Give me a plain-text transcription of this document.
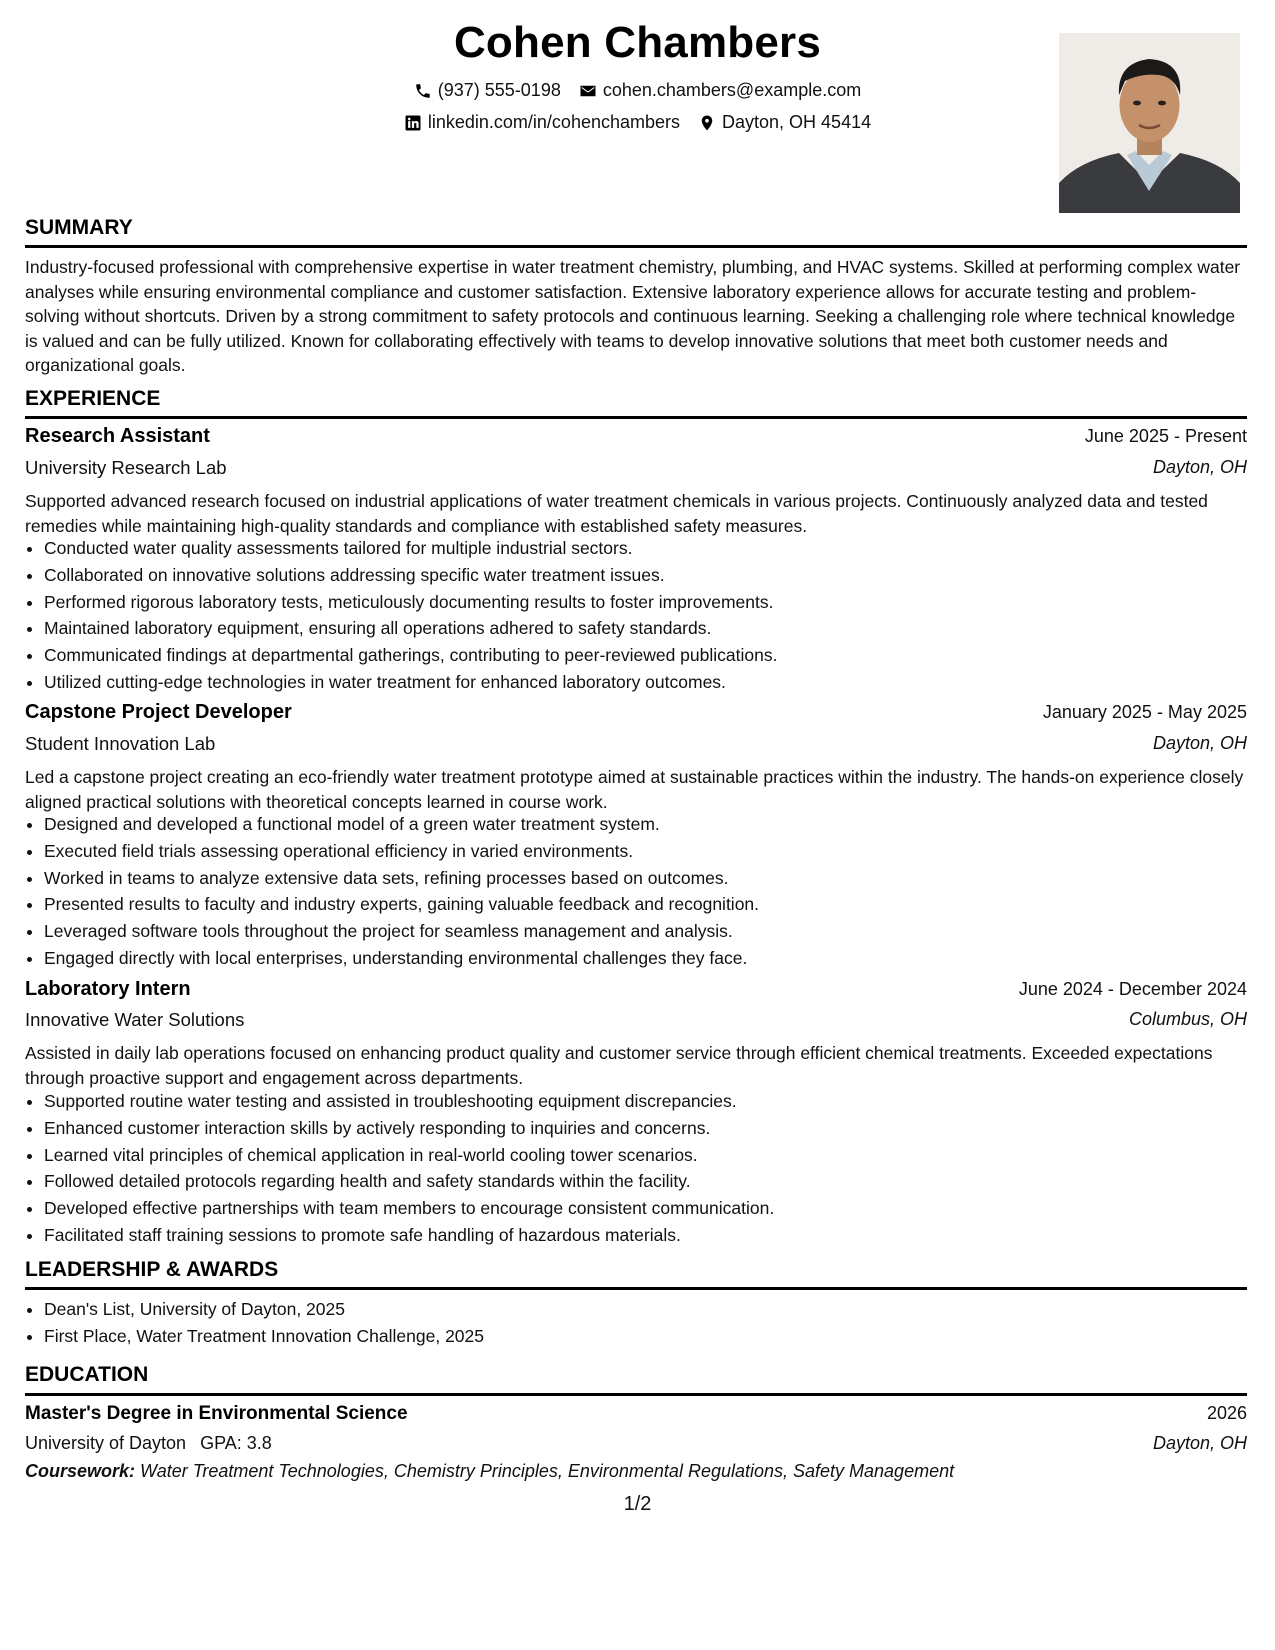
Cohen Chambers
(937) 555-0198 cohen.chambers@example.com
linkedin.com/in/cohenchambers Dayton, OH 45414
SUMMARY
Industry-focused professional with comprehensive expertise in water treatment chemistry, plumbing, and HVAC systems. Skilled at performing complex water analyses while ensuring environmental compliance and customer satisfaction. Extensive laboratory experience allows for accurate testing and problem-solving without shortcuts. Driven by a strong commitment to safety protocols and continuous learning. Seeking a challenging role where technical knowledge is valued and can be fully utilized. Known for collaborating effectively with teams to develop innovative solutions that meet both customer needs and organizational goals.
EXPERIENCE
Research Assistant	June 2025 - Present
University Research Lab	Dayton, OH
Supported advanced research focused on industrial applications of water treatment chemicals in various projects. Continuously analyzed data and tested remedies while maintaining high-quality standards and compliance with established safety measures.
• Conducted water quality assessments tailored for multiple industrial sectors.
• Collaborated on innovative solutions addressing specific water treatment issues.
• Performed rigorous laboratory tests, meticulously documenting results to foster improvements.
• Maintained laboratory equipment, ensuring all operations adhered to safety standards.
• Communicated findings at departmental gatherings, contributing to peer-reviewed publications.
• Utilized cutting-edge technologies in water treatment for enhanced laboratory outcomes.
Capstone Project Developer	January 2025 - May 2025
Student Innovation Lab	Dayton, OH
Led a capstone project creating an eco-friendly water treatment prototype aimed at sustainable practices within the industry. The hands-on experience closely aligned practical solutions with theoretical concepts learned in course work.
• Designed and developed a functional model of a green water treatment system.
• Executed field trials assessing operational efficiency in varied environments.
• Worked in teams to analyze extensive data sets, refining processes based on outcomes.
• Presented results to faculty and industry experts, gaining valuable feedback and recognition.
• Leveraged software tools throughout the project for seamless management and analysis.
• Engaged directly with local enterprises, understanding environmental challenges they face.
Laboratory Intern	June 2024 - December 2024
Innovative Water Solutions	Columbus, OH
Assisted in daily lab operations focused on enhancing product quality and customer service through efficient chemical treatments. Exceeded expectations through proactive support and engagement across departments.
• Supported routine water testing and assisted in troubleshooting equipment discrepancies.
• Enhanced customer interaction skills by actively responding to inquiries and concerns.
• Learned vital principles of chemical application in real-world cooling tower scenarios.
• Followed detailed protocols regarding health and safety standards within the facility.
• Developed effective partnerships with team members to encourage consistent communication.
• Facilitated staff training sessions to promote safe handling of hazardous materials.
LEADERSHIP & AWARDS
• Dean's List, University of Dayton, 2025
• First Place, Water Treatment Innovation Challenge, 2025
EDUCATION
Master's Degree in Environmental Science	2026
University of Dayton GPA: 3.8	Dayton, OH
Coursework: Water Treatment Technologies, Chemistry Principles, Environmental Regulations, Safety Management
1/2
